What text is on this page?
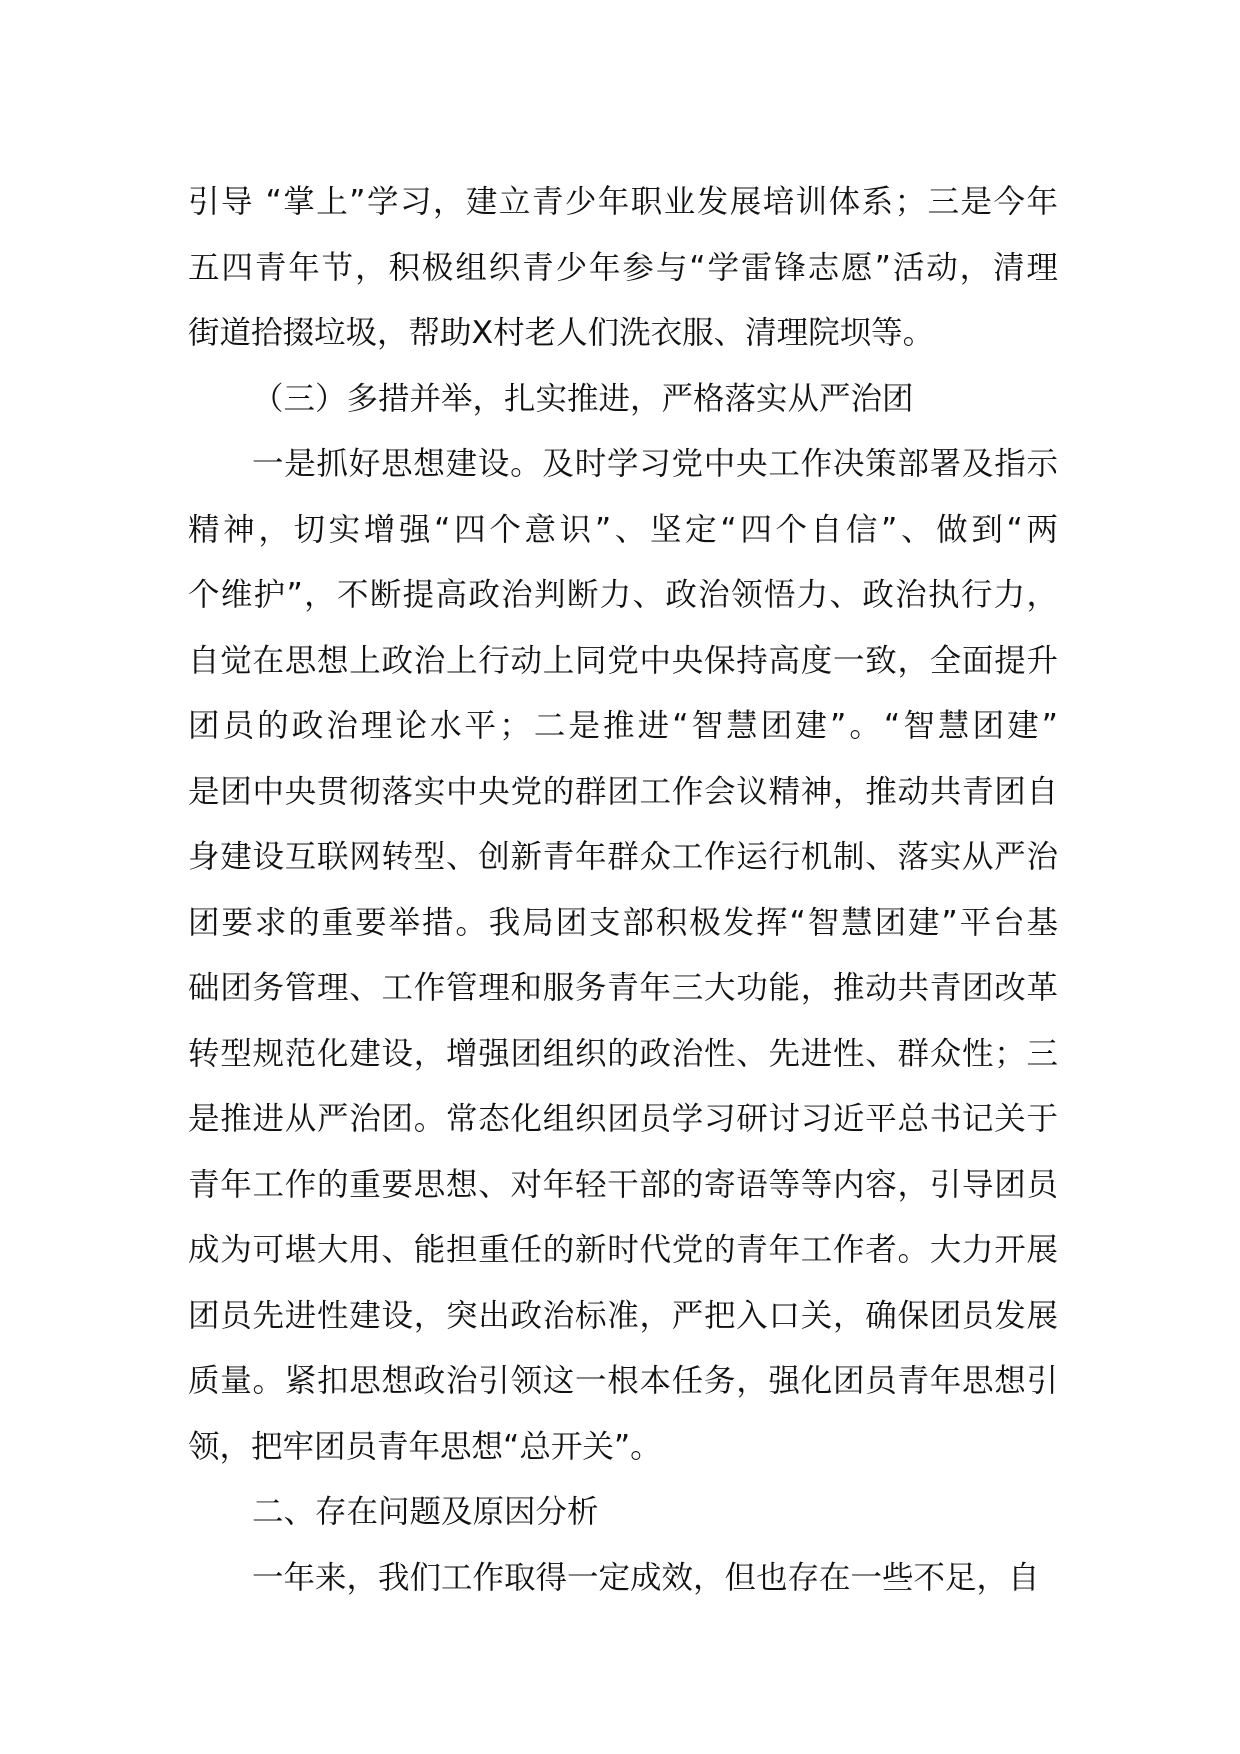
引导 “掌上”学习，建立青少年职业发展培训体系；三是今年
五四青年节，积极组织青少年参与“学雷锋志愿”活动，清理
街道拾掇垃圾，帮助Ⅹ村老人们洗衣服、清理院坝等。
（三）多措并举，扎实推进，严格落实从严治团
一是抓好思想建设。及时学习党中央工作决策部署及指示
精神，切实增强“四个意识”、坚定“四个自信”、做到“两
个维护”，不断提高政治判断力、政治领悟力、政治执行力，
自觉在思想上政治上行动上同党中央保持高度一致，全面提升
团员的政治理论水平；二是推进“智慧团建”。“智慧团建”
是团中央贯彻落实中央党的群团工作会议精神，推动共青团自
身建设互联网转型、创新青年群众工作运行机制、落实从严治
团要求的重要举措。我局团支部积极发挥“智慧团建”平台基
础团务管理、工作管理和服务青年三大功能，推动共青团改革
转型规范化建设，增强团组织的政治性、先进性、群众性；三
是推进从严治团。常态化组织团员学习研讨习近平总书记关于
青年工作的重要思想、对年轻干部的寄语等等内容，引导团员
成为可堪大用、能担重任的新时代党的青年工作者。大力开展
团员先进性建设，突出政治标准，严把入口关，确保团员发展
质量。紧扣思想政治引领这一根本任务，强化团员青年思想引
领，把牢团员青年思想“总开关”。
二、存在问题及原因分析
一年来，我们工作取得一定成效，但也存在一些不足，自
